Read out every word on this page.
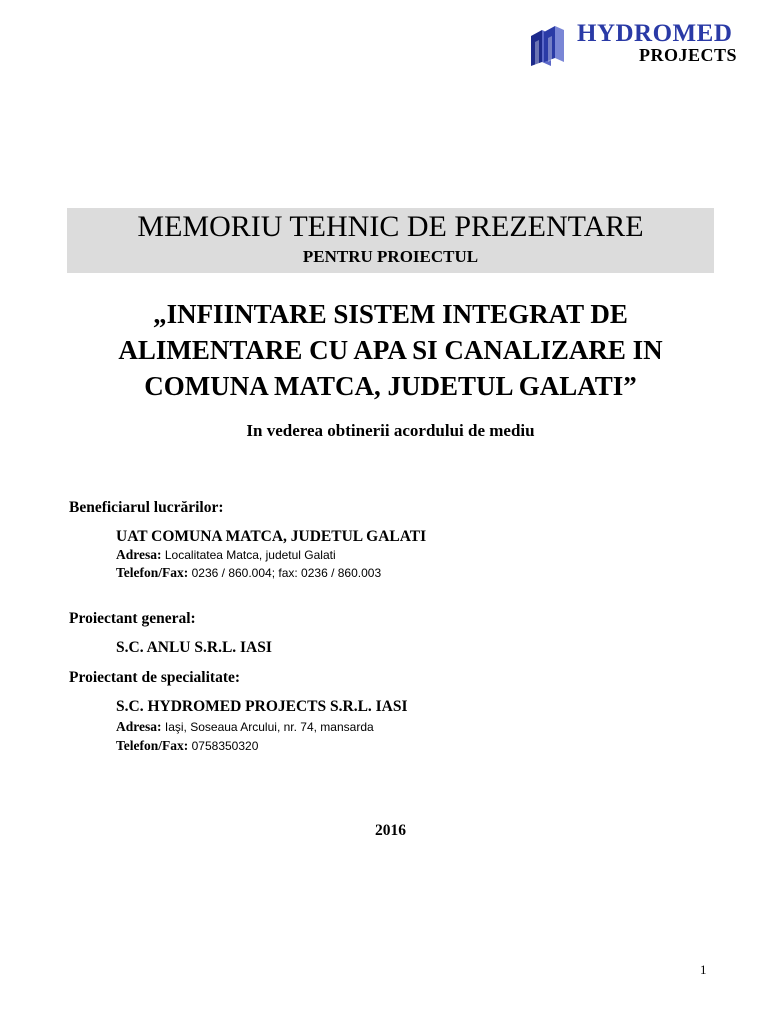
HYDROMED
PROJECTS
MEMORIU TEHNIC DE PREZENTARE
PENTRU PROIECTUL
„INFIINTARE SISTEM INTEGRAT DE
ALIMENTARE CU APA SI CANALIZARE IN
COMUNA MATCA, JUDETUL GALATI”
In vederea obtinerii acordului de mediu
Beneficiarul lucrărilor:
UAT COMUNA MATCA, JUDETUL GALATI
Adresa: Localitatea Matca, judetul Galati
Telefon/Fax: 0236 / 860.004; fax: 0236 / 860.003
Proiectant general:
S.C. ANLU S.R.L. IASI
Proiectant de specialitate:
S.C. HYDROMED PROJECTS S.R.L. IASI
Adresa: Iaşi, Soseaua Arcului, nr. 74, mansarda
Telefon/Fax: 0758350320
2016
1
